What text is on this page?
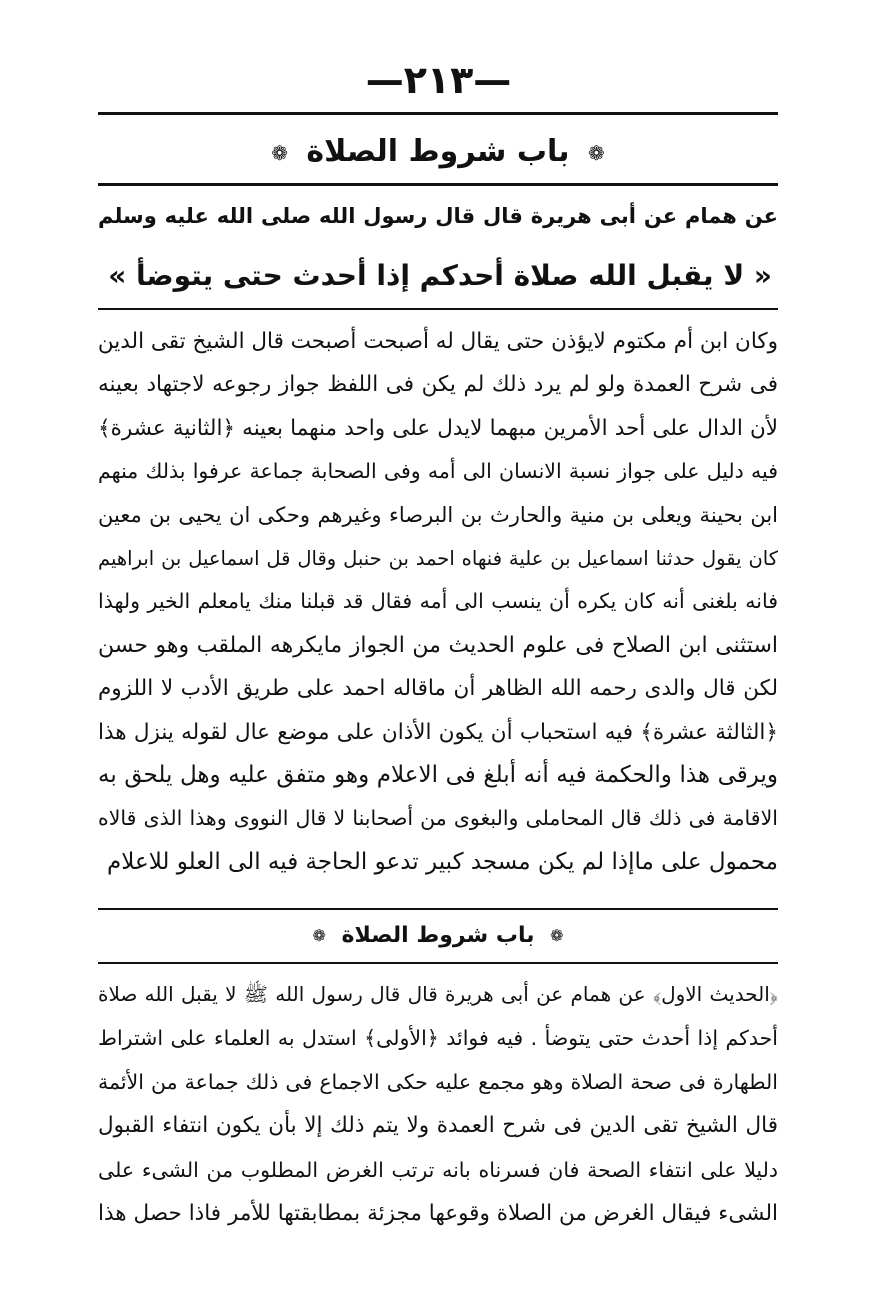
—٢١٣—
❁ باب شروط الصلاة ❁
عن همام عن أبى هريرة قال قال رسول الله صلى الله عليه وسلم
« لا يقبل الله صلاة أحدكم إذا أحدث حتى يتوضأ »
وكان ابن أم مكتوم لايؤذن حتى يقال له أصبحت أصبحت قال الشيخ تقى الدين
فى شرح العمدة ولو لم يرد ذلك لم يكن فى اللفظ جواز رجوعه لاجتهاد بعينه
لأن الدال على أحد الأمرين مبهما لايدل على واحد منهما بعينه ﴿الثانية عشرة﴾
فيه دليل على جواز نسبة الانسان الى أمه وفى الصحابة جماعة عرفوا بذلك منهم
ابن بحينة ويعلى بن منية والحارث بن البرصاء وغيرهم وحكى ان يحيى بن معين
كان يقول حدثنا اسماعيل بن علية فنهاه احمد بن حنبل وقال قل اسماعيل بن ابراهيم
فانه بلغنى أنه كان يكره أن ينسب الى أمه فقال قد قبلنا منك يامعلم الخير ولهذا
استثنى ابن الصلاح فى علوم الحديث من الجواز مايكرهه الملقب وهو حسن
لكن قال والدى رحمه الله الظاهر أن ماقاله احمد على طريق الأدب لا اللزوم
﴿الثالثة عشرة﴾ فيه استحباب أن يكون الأذان على موضع عال لقوله ينزل هذا
ويرقى هذا والحكمة فيه أنه أبلغ فى الاعلام وهو متفق عليه وهل يلحق به
الاقامة فى ذلك قال المحاملى والبغوى من أصحابنا لا قال النووى وهذا الذى قالاه
محمول على ماإذا لم يكن مسجد كبير تدعو الحاجة فيه الى العلو للاعلام
❁ باب شروط الصلاة ❁
﴿الحديث الاول﴾ عن همام عن أبى هريرة قال قال رسول الله ﷺ لا يقبل الله صلاة
أحدكم إذا أحدث حتى يتوضأ . فيه فوائد ﴿الأولى﴾ استدل به العلماء على اشتراط
الطهارة فى صحة الصلاة وهو مجمع عليه حكى الاجماع فى ذلك جماعة من الأئمة
قال الشيخ تقى الدين فى شرح العمدة ولا يتم ذلك إلا بأن يكون انتفاء القبول
دليلا على انتفاء الصحة فان فسرناه بانه ترتب الغرض المطلوب من الشىء على
الشىء فيقال الغرض من الصلاة وقوعها مجزئة بمطابقتها للأمر فاذا حصل هذا
